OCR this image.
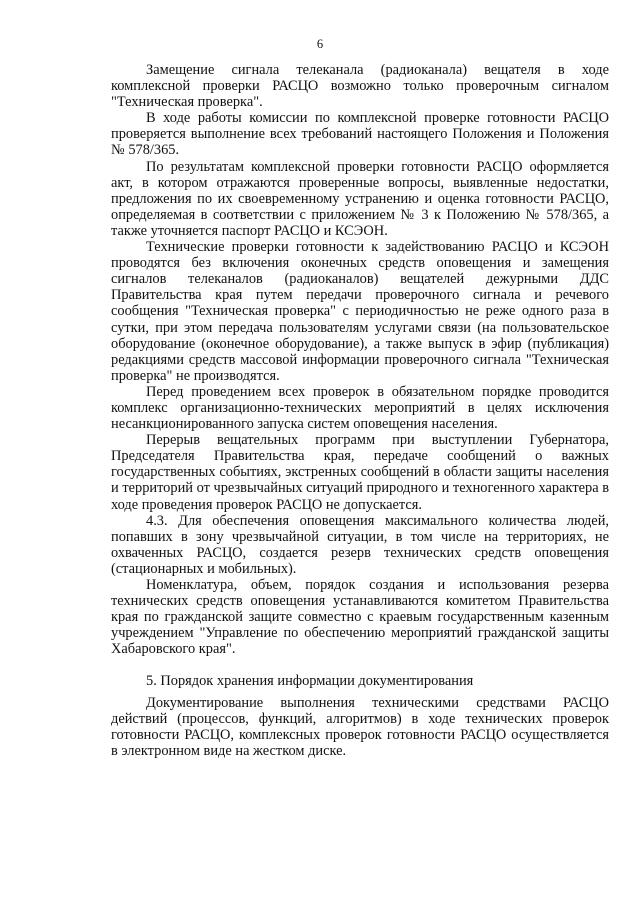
6

Замещение сигнала телеканала (радиоканала) вещателя в ходе комплексной проверки РАСЦО возможно только проверочным сигналом "Техническая проверка".

В ходе работы комиссии по комплексной проверке готовности РАСЦО проверяется выполнение всех требований настоящего Положения и Положения № 578/365.

По результатам комплексной проверки готовности РАСЦО оформляется акт, в котором отражаются проверенные вопросы, выявленные недостатки, предложения по их своевременному устранению и оценка готовности РАСЦО, определяемая в соответствии с приложением № 3 к Положению № 578/365, а также уточняется паспорт РАСЦО и КСЭОН.

Технические проверки готовности к задействованию РАСЦО и КСЭОН проводятся без включения оконечных средств оповещения и замещения сигналов телеканалов (радиоканалов) вещателей дежурными ДДС Правительства края путем передачи проверочного сигнала и речевого сообщения "Техническая проверка" с периодичностью не реже одного раза в сутки, при этом передача пользователям услугами связи (на пользовательское оборудование (оконечное оборудование), а также выпуск в эфир (публикация) редакциями средств массовой информации проверочного сигнала "Техническая проверка" не производятся.

Перед проведением всех проверок в обязательном порядке проводится комплекс организационно-технических мероприятий в целях исключения несанкционированного запуска систем оповещения населения.

Перерыв вещательных программ при выступлении Губернатора, Председателя Правительства края, передаче сообщений о важных государственных событиях, экстренных сообщений в области защиты населения и территорий от чрезвычайных ситуаций природного и техногенного характера в ходе проведения проверок РАСЦО не допускается.

4.3. Для обеспечения оповещения максимального количества людей, попавших в зону чрезвычайной ситуации, в том числе на территориях, не охваченных РАСЦО, создается резерв технических средств оповещения (стационарных и мобильных).

Номенклатура, объем, порядок создания и использования резерва технических средств оповещения устанавливаются комитетом Правительства края по гражданской защите совместно с краевым государственным казенным учреждением "Управление по обеспечению мероприятий гражданской защиты Хабаровского края".

5. Порядок хранения информации документирования

Документирование выполнения техническими средствами РАСЦО действий (процессов, функций, алгоритмов) в ходе технических проверок готовности РАСЦО, комплексных проверок готовности РАСЦО осуществляется в электронном виде на жестком диске.
